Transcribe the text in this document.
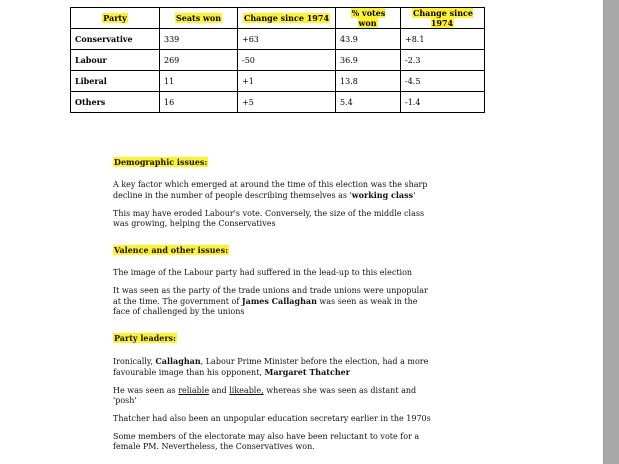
Party	Seats won	Change since 1974	% votes won	Change since 1974
Conservative	339	+63	43.9	+8.1
Labour	269	-50	36.9	-2.3
Liberal	11	+1	13.8	-4.5
Others	16	+5	5.4	-1.4

Demographic issues:

A key factor which emerged at around the time of this election was the sharp decline in the number of people describing themselves as 'working class'

This may have eroded Labour's vote. Conversely, the size of the middle class was growing, helping the Conservatives

Valence and other issues:

The image of the Labour party had suffered in the lead-up to this election

It was seen as the party of the trade unions and trade unions were unpopular at the time. The government of James Callaghan was seen as weak in the face of challenged by the unions

Party leaders:

Ironically, Callaghan, Labour Prime Minister before the election, had a more favourable image than his opponent, Margaret Thatcher

He was seen as reliable and likeable, whereas she was seen as distant and 'posh'

Thatcher had also been an unpopular education secretary earlier in the 1970s

Some members of the electorate may also have been reluctant to vote for a female PM. Nevertheless, the Conservatives won.
